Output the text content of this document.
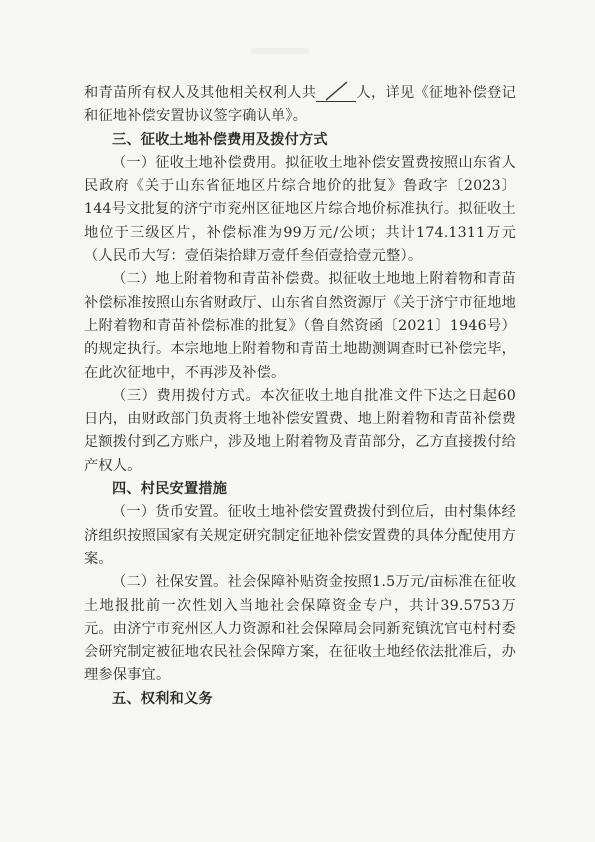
和青苗所有权人及其他相关权利人共	人，详见《征地补偿登记和征地补偿安置协议签字确认单》。

三、征收土地补偿费用及拨付方式

（一）征收土地补偿费用。拟征收土地补偿安置费按照山东省人民政府《关于山东省征地区片综合地价的批复》鲁政字〔2023〕144号文批复的济宁市兖州区征地区片综合地价标准执行。拟征收土地位于三级区片，补偿标准为99万元/公顷；共计174.1311万元（人民币大写：壹佰柒拾肆万壹仟叁佰壹拾壹元整）。

（二）地上附着物和青苗补偿费。拟征收土地地上附着物和青苗补偿标准按照山东省财政厅、山东省自然资源厅《关于济宁市征地地上附着物和青苗补偿标准的批复》（鲁自然资函〔2021〕1946号）的规定执行。本宗地地上附着物和青苗土地勘测调查时已补偿完毕，在此次征地中，不再涉及补偿。

（三）费用拨付方式。本次征收土地自批准文件下达之日起60日内，由财政部门负责将土地补偿安置费、地上附着物和青苗补偿费足额拨付到乙方账户，涉及地上附着物及青苗部分，乙方直接拨付给产权人。

四、村民安置措施

（一）货币安置。征收土地补偿安置费拨付到位后，由村集体经济组织按照国家有关规定研究制定征地补偿安置费的具体分配使用方案。

（二）社保安置。社会保障补贴资金按照1.5万元/亩标准在征收土地报批前一次性划入当地社会保障资金专户，共计39.5753万元。由济宁市兖州区人力资源和社会保障局会同新兖镇沈官屯村村委会研究制定被征地农民社会保障方案，在征收土地经依法批准后，办理参保事宜。

五、权利和义务
